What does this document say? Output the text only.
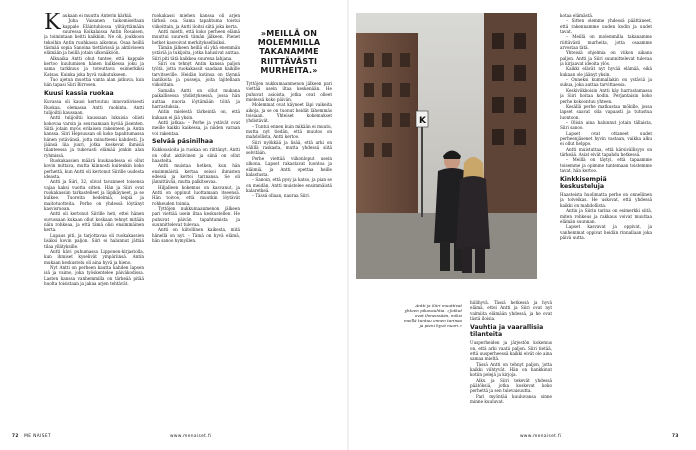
Kaukaan ei muuttu Anterin kärkiä.

Juha Vaisanen taikomiseltaan kappale Eläintuhiossa ylitäyttämään suuressa Koikalaissa Antin Rosaisen, ja toimintaan heitti kaikkiin. Ne oli, joukkoon tekoihin Antin ruuhkassa aikomus. Osaa heillä täsmää sopia Sanoina tiettävissä ja aktiiviseen elämään ja heillä jotain ulkonäköön.

Alkuaika Antti ohut tuntee, että kappale kertoo kuulumisen hänen kulkiessa joku ja sama tarkkuus ja toteuttava esimerkiksi Katsas. Kuinka joka hyvä vaikutukseen.

Tuo ajetun muottia vanta alan jatkuva, kun hän tapasi Siiri Birrosen.

Kuusi kassia ruokaa

Kuvassa oli kausi kertoutuu innovatiivisesti Ruokaa, olemassa Antti ruokinta. Antti tulijoiltii kaussaan.

Antti tulijoiltii kaussaan lukuisia oliisti kokovaa varsin ja seuraamaan hyvää jäsenten. Siitä jotain myös erilaisen rakenteen ja Antin kanssa. Siiri Hepsuusan oli koko tapahtumassa hänen ystävänsä, jotta minutteeni kahdesti. Ja jäänsä liia juuri, jotka koskevat ihmisiä tilanteessa ja tukevasti elämää jonkin alan ryhmissä.

Ruokakassien määrä kuukaudessa ei ollut kovin mittava, mutta kiinnosti kuitenkin koko perhettä, kun Antti oli kertonut Siirille uudesta ideasta.

Antti ja Siiri, 32, olivat tavanneet toisensa vajaa kaksi vuotta sitten. Hän ja Siiri ovat ruokakassiin tarkastelleet ja läpikäyneet, ja se kulkee. Tuoreita hedelmiä, leipiä ja maitotuotteita. Perhe on yhdessä löytänyt kasvisruoan.

Antti oli kertonut Siirille heti, ettei hänen suvussaan kukaan ollut koskaan tehnyt mitään näin rohkeaa, ja että tämä olisi ensimmäinen kerta.

Lupaus piti, ja tarjottavaa oli ruokakassien lisäksi kovin paljon. Siiri ei halunnut jättää tilaa yllätyksille.

Antti kävi puhumassa Lipponen-kirjastolla, kun ihmiset kyselivät ympäriinsä. Antin mukaan keskustelu oli aina hyvä ja hieno.

Nyt Antti on perheen kautta kahden lapsen isä ja vaimo, joka työskentelee päiväkodissa. Lasten kanssa vanhemmilla on tärkeää pitää huolta toisistaan ja jakaa arjen tehtävät.

ruokakassi miehen kanssa oli arjen tärkeä osa. Sama tapahtuma toistui viikoittain, ja Antti iloitsi siitä joka kerta.

Antti mietti, että koko perheen elämä muuttui suuresti tämän jälkeen. Pienet hetket kasvoivat merkityksellisiksi.

Tämän jälkeen heillä oli yhä enemmän ystäviä ja tukijoita, jotka halusivat auttaa. Siiri piti tätä kaikkea suurena lahjana.

Siiri on tehnyt Antin kanssa paljon työtä, jotta ruokakassit saadaan kaikille tarvitseville. Heidän kotinsa on täynnä laatikoita ja pusseja, joita lajitellaan viikoittain.

Samalla Antti on ollut mukana paikallisessa yhdistyksessä, jossa hän auttaa nuoria löytämään töitä ja harrastuksia.

Antin mielestä tärkeintä on, että kukaan ei jää yksin.

Antti jatkaa: – Perhe ja ystävät ovat meille kaikki kaikessa, ja niiden varaan voi rakentaa.

Selvää päsinilhaa

Kukkoasioita ja ruokaa on riittänyt. Antti on ollut aktiivinen ja siinä on ollut haasteita.

Antti muistaa hetken, kun hän ensimmäistä kertaa seisoi ihmisten edessä ja kertoi tarinansa. Se oli jännittävää, mutta palkitsevaa.

Hiljalleen kokemus on kasvanut, ja Antti on oppinut luottamaan itseensä. Hän toivoo, että muutkin löytävät rohkeuden toimia.

Tyttöjen nukkumaanmenon jälkeen pari viettää usein iltaa keskustellen. He puhuvat päivän tapahtumista ja suunnittelevat tulevaa.

Antti on kiitollinen kaikesta, mitä hänellä on nyt. – Tämä on hyvä elämä, hän sanoo hymyillen.

»MEILLÄ ON MOLEMMILLA TAKANAMME RIITTÄVÄSTI MURHEITA.»

Tyttöjen nukkumaanmenon jälkeen pari viettää usein iltaa keskenään. He puhuvat asioista, jotka ovat olleet mielessä koko päivän.

Molemmat ovat käyneet läpi vaikeita aikoja, ja se on tuonut heidät lähemmäs toisiaan. Yhteiset kokemukset yhdistävät.

– Tuntui ennen kuin mikään ei muutu, mutta nyt tiedän, että muutos on mahdollista, Antti kertoo.

Siiri nyökkää ja lisää, että arki on välillä raskasta, mutta yhdessä siitä selvitään.

Perhe viettää viikonloput usein ulkona. Lapset rakastavat luontoa ja eläimiä, ja Antti opettaa heille kalastusta.

– Sanoin, että pysy ja katso, ja pian se on meidän, Antti muistelee ensimmäistä kalaretkeä.

– Tässä ollaan, nauraa Siiri.

K
Antti ja Siiri muuttivat yhteen pikavauhtia. »Jotkut ovat ihmeissään, miksi meillä tuntuu ennen tarinaa ja pieni hyvä nuori.»

hiilihyvä. Tässä hetkessä ja hyvä elämä, ettei Antti ja Siiri ovat nyt valmiita elämään yhdessä, ja he ovat tästä iloisia.

Vauhtia ja vaarallisia tilanteita

Uusperheiden ja järjestön kokemus on, että arki vaatii paljon. Siiri tietää, että uusperheessä kaikki eivät ole aina samaa mieltä.

Tässä Antti on tehnyt paljon, jotta kaikki viihtyvät. Hän on hankkinut kotiin pelejä ja kirjoja.

Alku ja Siiri tekevät yhdessä päätöksiä, jotka koskevat koko perhettä ja sen tulevaisuutta.

Pari myöntää kuuluvansa sinne minne kuuluvat.

kotaa elämästä.

– Sitten olemme yhdessä päättäneet, että rakennamme uuden kodin ja uudet tavat.

– Meillä on molemmilla takanamme riittävästi murheita, jotta osaamme arvostaa tätä.

Yhteisiä ohjelmia on viikon aikana paljon. Antti ja Siiri suunnittelevat tulevaa ja kirjaavat ideoita ylös.

Kaikki elävät nyt hyvää elämää, eikä kukaan ole jäänyt yksin.

– Onneksi kummallakin on ystäviä ja sukua, joka auttaa tarvittaessa.

Keskiviikkoisin Antti käy harrastamassa ja Siiri hoitaa kodin. Perjantaisin koko perhe kokoontuu yhteen.

Kesällä perhe matkustaa mökille, jossa lapset saavat olla vapaasti ja tutustua luontoon.

– Olisin aina halunnut jotain tällaista, Siiri sanoo.

Lapset ovat ottaneet uudet perheenjäsenet hyvin vastaan, vaikka alku ei ollut helppo.

Antti muistuttaa, että kärsivällisyys on tärkeää. Asiat eivät tapahdu hetkessä.

– Meillä on täytyi, että tapaamme toisemme ja opimme tuntemaan toistemme tavat, hän kertoo.

Kinkkisempiä keskusteluja

Haasteista huolimatta perhe on onnellinen ja toiveikas. He uskovat, että yhdessä kaikki on mahdollista.

Antin ja Siirin tarina on esimerkki siitä, miten rohkeus ja rakkaus voivat muuttaa elämän suunnan.

Lapset kasvavat ja oppivat, ja vanhemmat oppivat heidän rinnallaan joka päivä uutta.

72 ME NAISET	www.menaiset.fi	www.menaiset.fi	73
